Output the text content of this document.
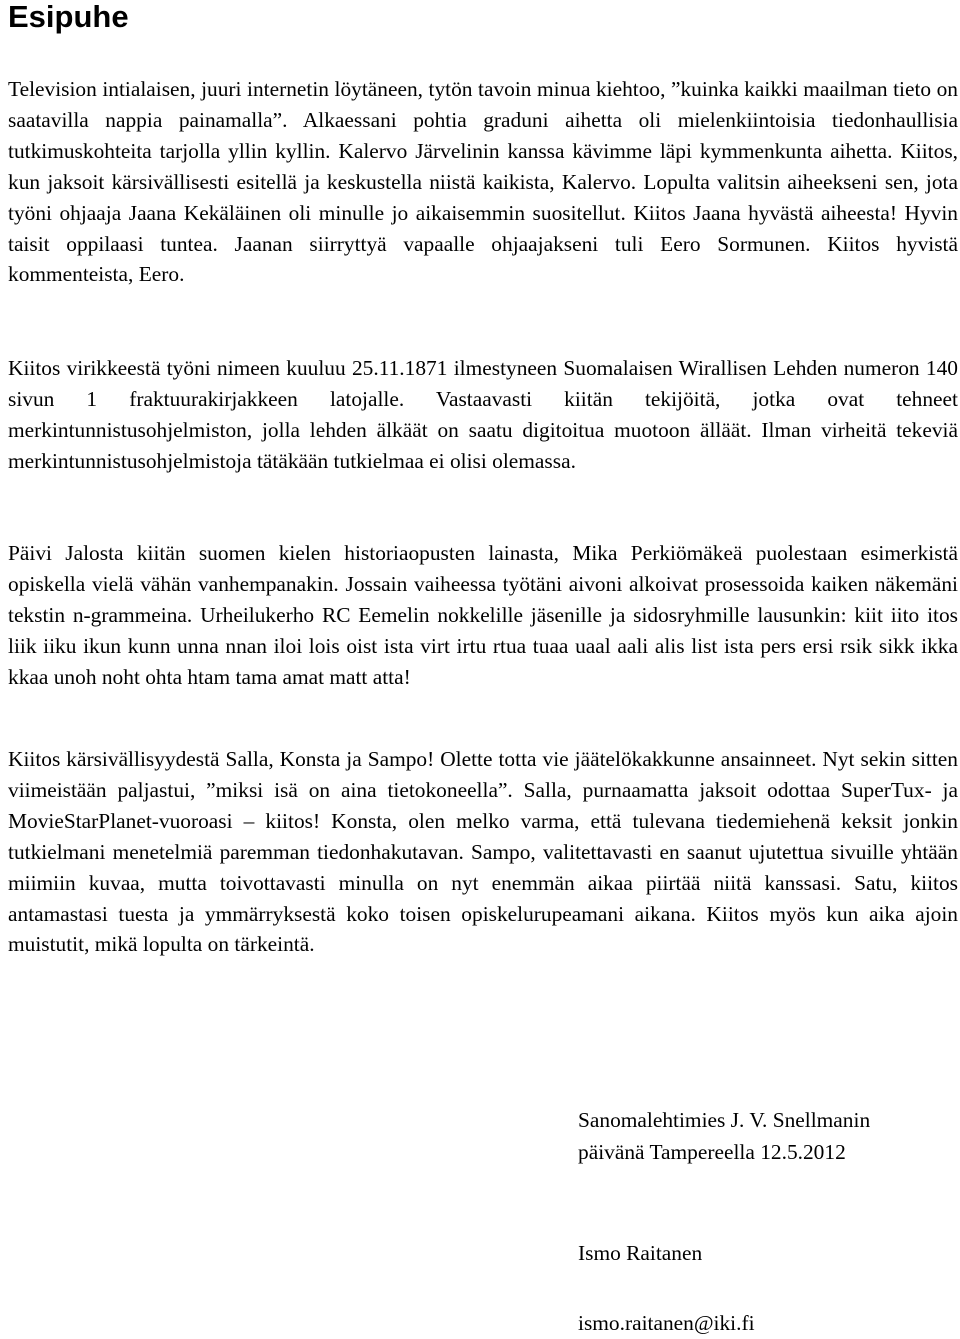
Esipuhe

Television intialaisen, juuri internetin löytäneen, tytön tavoin minua kiehtoo, ”kuinka kaikki maailman tieto on saatavilla nappia painamalla”. Alkaessani pohtia graduni aihetta oli mielenkiintoisia tiedonhaullisia tutkimuskohteita tarjolla yllin kyllin. Kalervo Järvelinin kanssa kävimme läpi kymmenkunta aihetta. Kiitos, kun jaksoit kärsivällisesti esitellä ja keskustella niistä kaikista, Kalervo. Lopulta valitsin aiheekseni sen, jota työni ohjaaja Jaana Kekäläinen oli minulle jo aikaisemmin suositellut. Kiitos Jaana hyvästä aiheesta! Hyvin taisit oppilaasi tuntea. Jaanan siirryttyä vapaalle ohjaajakseni tuli Eero Sormunen. Kiitos hyvistä kommenteista, Eero.

Kiitos virikkeestä työni nimeen kuuluu 25.11.1871 ilmestyneen Suomalaisen Wirallisen Lehden numeron 140 sivun 1 fraktuurakirjakkeen latojalle. Vastaavasti kiitän tekijöitä, jotka ovat tehneet merkintunnistusohjelmiston, jolla lehden älkäät on saatu digitoitua muotoon älläät. Ilman virheitä tekeviä merkintunnistusohjelmistoja tätäkään tutkielmaa ei olisi olemassa.

Päivi Jalosta kiitän suomen kielen historiaopusten lainasta, Mika Perkiömäkeä puolestaan esimerkistä opiskella vielä vähän vanhempanakin. Jossain vaiheessa työtäni aivoni alkoivat prosessoida kaiken näkemäni tekstin n-grammeina. Urheilukerho RC Eemelin nokkelille jäsenille ja sidosryhmille lausunkin: kiit iito itos liik iiku ikun kunn unna nnan iloi lois oist ista virt irtu rtua tuaa uaal aali alis list ista pers ersi rsik sikk ikka kkaa unoh noht ohta htam tama amat matt atta!

Kiitos kärsivällisyydestä Salla, Konsta ja Sampo! Olette totta vie jäätelökakkunne ansainneet. Nyt sekin sitten viimeistään paljastui, ”miksi isä on aina tietokoneella”. Salla, purnaamatta jaksoit odottaa SuperTux- ja MovieStarPlanet-vuoroasi – kiitos! Konsta, olen melko varma, että tulevana tiedemiehenä keksit jonkin tutkielmani menetelmiä paremman tiedonhakutavan. Sampo, valitettavasti en saanut ujutettua sivuille yhtään miimiin kuvaa, mutta toivottavasti minulla on nyt enemmän aikaa piirtää niitä kanssasi. Satu, kiitos antamastasi tuesta ja ymmärryksestä koko toisen opiskelurupeamani aikana. Kiitos myös kun aika ajoin muistutit, mikä lopulta on tärkeintä.

Sanomalehtimies J. V. Snellmanin

päivänä Tampereella 12.5.2012

Ismo Raitanen

ismo.raitanen@iki.fi
